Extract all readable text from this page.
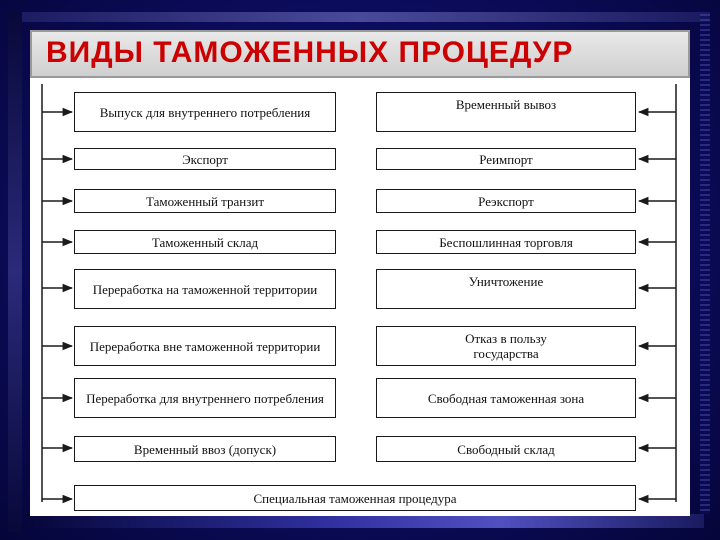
ВИДЫ ТАМОЖЕННЫХ ПРОЦЕДУР
Выпуск для внутреннего потребления
Экспорт
Таможенный транзит
Таможенный склад
Переработка на таможенной территории
Переработка вне таможенной территории
Переработка для внутреннего потребления
Временный ввоз (допуск)
Временный вывоз
Реимпорт
Реэкспорт
Беспошлинная торговля
Уничтожение
Отказ в пользу государства
Свободная таможенная зона
Свободный склад
Специальная таможенная процедура
